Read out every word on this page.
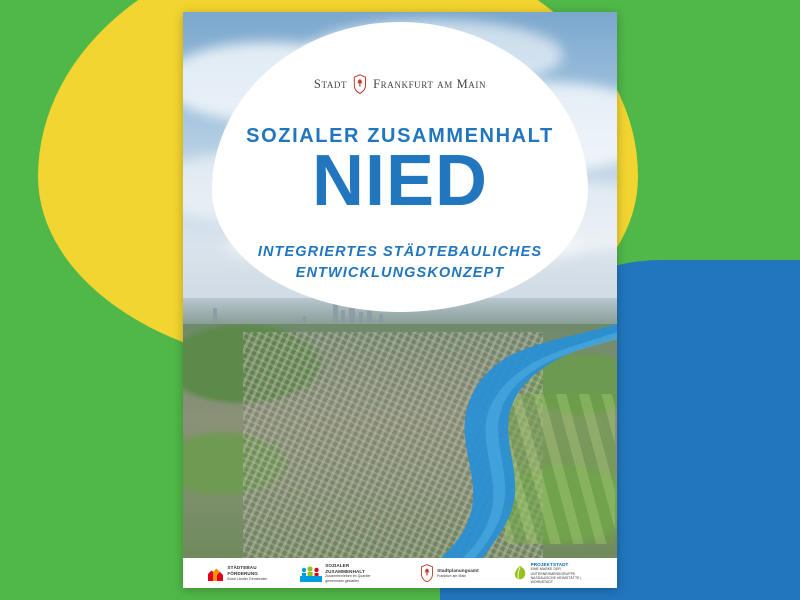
Stadt Frankfurt am Main
SOZIALER ZUSAMMENHALT
NIED
INTEGRIERTES STÄDTEBAULICHES
ENTWICKLUNGSKONZEPT
STÄDTEBAU
FÖRDERUNG
Bund Länder Gemeinden
SOZIALER
ZUSAMMENHALT
Zusammenleben im Quartier gemeinsam gestalten
Stadtplanungsamt
Frankfurt am Main
PROJEKTSTADT
EINE MARKE DER UNTERNEHMENSGRUPPE
NASSAUISCHE HEIMSTÄTTE | WOHNSTADT
